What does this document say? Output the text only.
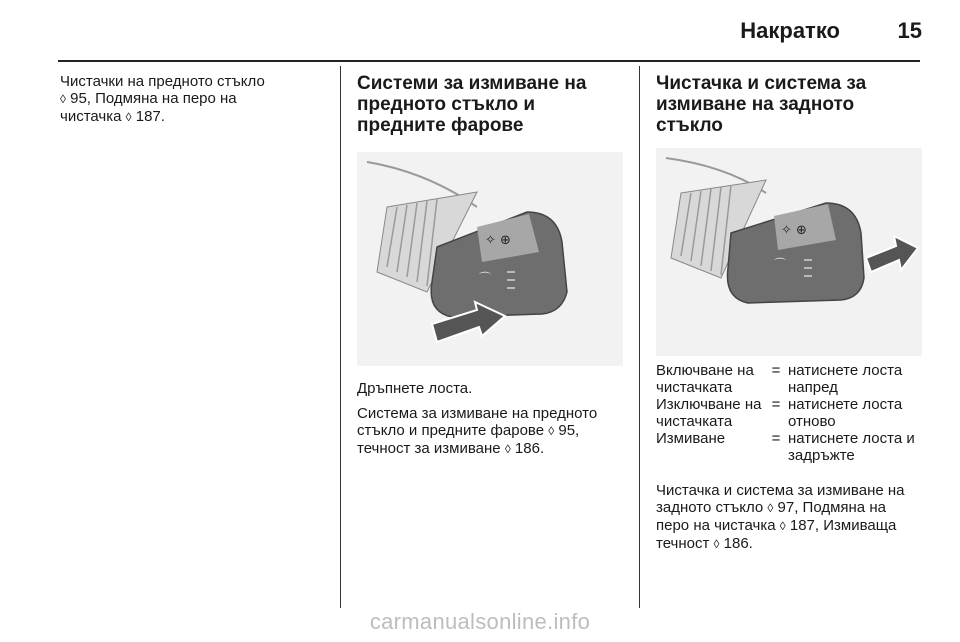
Накратко	15

Чистачки на предното стъкло
◊ 95, Подмяна на перо на
чистачка ◊ 187.

Системи за измиване на предното стъкло и предните фарове
✧ ⊕
⌒

Дръпнете лоста.

Система за измиване на предното
стъкло и предните фарове ◊ 95,
течност за измиване ◊ 186.

Чистачка и система за измиване на задното стъкло
✧ ⊕
⌒
Включване на чистачката
= натиснете лоста напред
Изключване на чистачката
= натиснете лоста отново
Измиване	= натиснете лоста и задръжте

Чистачка и система за измиване на
задното стъкло ◊ 97, Подмяна на
перо на чистачка ◊ 187, Измиваща
течност ◊ 186.

carmanualsonline.info
